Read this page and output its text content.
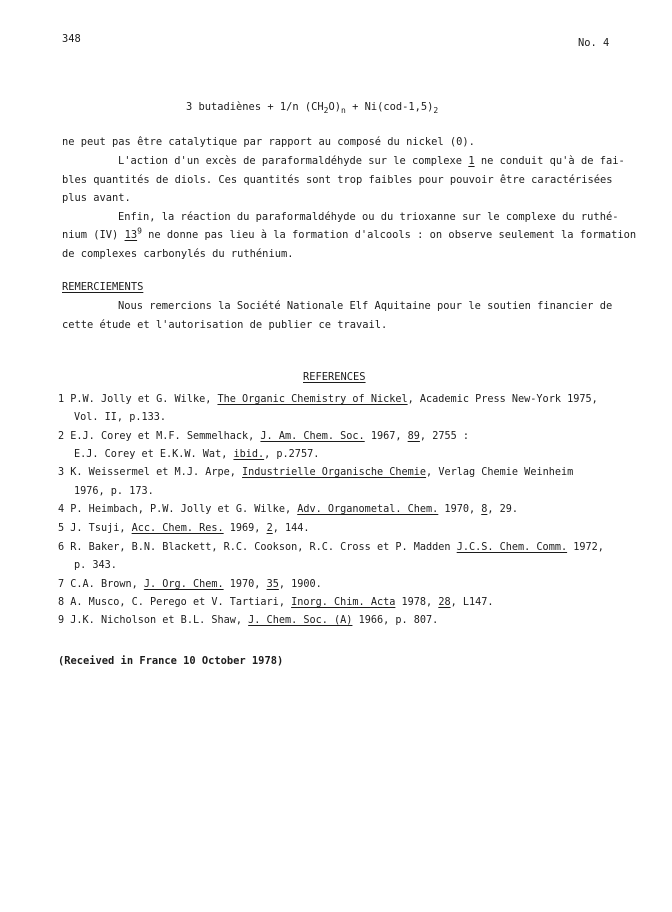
348	No. 4
3 butadiènes + 1/n $(CH_2O)_n + Ni(cod-1,5)_2$
ne peut pas être catalytique par rapport au composé du nickel (0).
L'action d'un excès de paraformaldéhyde sur le complexe 1 ne conduit qu'à de fai-
bles quantités de diols. Ces quantités sont trop faibles pour pouvoir être caractérisées
plus avant.
Enfin, la réaction du paraformaldéhyde ou du trioxanne sur le complexe du ruthé-
nium (IV) $13^9$ ne donne pas lieu à la formation d'alcools : on observe seulement la formation
de complexes carbonylés du ruthénium.
REMERCIEMENTS
Nous remercions la Société Nationale Elf Aquitaine pour le soutien financier de
cette étude et l'autorisation de publier ce travail.
REFERENCES
1 P.W. Jolly et G. Wilke, The Organic Chemistry of Nickel, Academic Press New-York 1975,
Vol. II, p.133.
2 E.J. Corey et M.F. Semmelhack, J. Am. Chem. Soc. 1967, 89, 2755 :
E.J. Corey et E.K.W. Wat, ibid., p.2757.
3 K. Weissermel et M.J. Arpe, Industrielle Organische Chemie, Verlag Chemie Weinheim
1976, p. 173.
4 P. Heimbach, P.W. Jolly et G. Wilke, Adv. Organometal. Chem. 1970, 8, 29.
5 J. Tsuji, Acc. Chem. Res. 1969, 2, 144.
6 R. Baker, B.N. Blackett, R.C. Cookson, R.C. Cross et P. Madden J.C.S. Chem. Comm. 1972,
p. 343.
7 C.A. Brown, J. Org. Chem. 1970, 35, 1900.
8 A. Musco, C. Perego et V. Tartiari, Inorg. Chim. Acta 1978, 28, L147.
9 J.K. Nicholson et B.L. Shaw, J. Chem. Soc. (A) 1966, p. 807.
(Received in France 10 October 1978)
